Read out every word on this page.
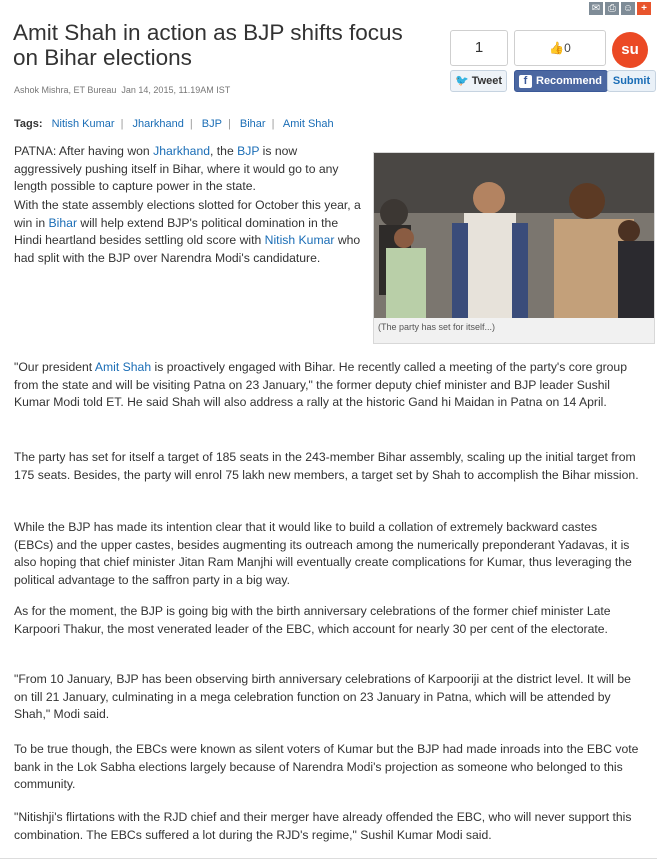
✉ ⎙ ☺ +
Amit Shah in action as BJP shifts focus on Bihar elections
Ashok Mishra, ET Bureau Jan 14, 2015, 11.19AM IST
1	👍0	su
🐦 Tweet	f Recommend Submit
Tags: Nitish Kumar | Jharkhand | BJP | Bihar | Amit Shah

PATNA: After having won Jharkhand, the BJP is now aggressively pushing itself in Bihar, where it would go to any length possible to capture power in the state.

With the state assembly elections slotted for October this year, a win in Bihar will help extend BJP's political domination in the Hindi heartland besides settling old score with Nitish Kumar who had split with the BJP over Narendra Modi's candidature.

"Our president Amit Shah is proactively engaged with Bihar. He recently called a meeting of the party's core group from the state and will be visiting Patna on 23 January," the former deputy chief minister and BJP leader Sushil Kumar Modi told ET. He said Shah will also address a rally at the historic Gand hi Maidan in Patna on 14 April.

The party has set for itself a target of 185 seats in the 243-member Bihar assembly, scaling up the initial target from 175 seats. Besides, the party will enrol 75 lakh new members, a target set by Shah to accomplish the Bihar mission.

While the BJP has made its intention clear that it would like to build a collation of extremely backward castes (EBCs) and the upper castes, besides augmenting its outreach among the numerically preponderant Yadavas, it is also hoping that chief minister Jitan Ram Manjhi will eventually create complications for Kumar, thus leveraging the political advantage to the saffron party in a big way.

As for the moment, the BJP is going big with the birth anniversary celebrations of the former chief minister Late Karpoori Thakur, the most venerated leader of the EBC, which account for nearly 30 per cent of the electorate.

"From 10 January, BJP has been observing birth anniversary celebrations of Karpooriji at the district level. It will be on till 21 January, culminating in a mega celebration function on 23 January in Patna, which will be attended by Shah," Modi said.

To be true though, the EBCs were known as silent voters of Kumar but the BJP had made inroads into the EBC vote bank in the Lok Sabha elections largely because of Narendra Modi's projection as someone who belonged to this community.

"Nitishji's flirtations with the RJD chief and their merger have already offended the EBC, who will never support this combination. The EBCs suffered a lot during the RJD's regime," Sushil Kumar Modi said.

(The party has set for itself...)
